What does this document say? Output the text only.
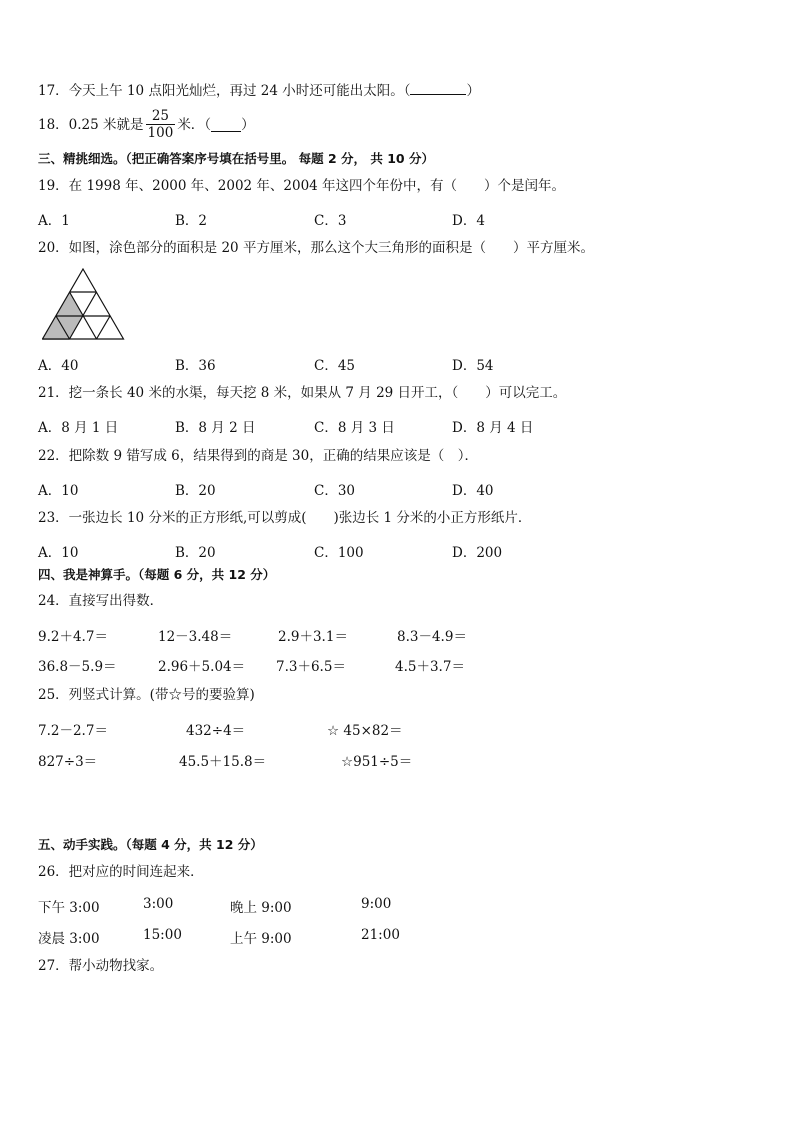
17．今天上午 10 点阳光灿烂，再过 24 小时还可能出太阳。（	）
18．0.25 米就是 $\frac{25}{100}$ 米．（ ）
三、精挑细选。（把正确答案序号填在括号里。 每题 2 分， 共 10 分）
19．在 1998 年、2000 年、2002 年、2004 年这四个年份中，有（　　）个是闰年。
A．1	B．2	C．3	D．4
20．如图，涂色部分的面积是 20 平方厘米，那么这个大三角形的面积是（　　）平方厘米。
A．40	B．36	C．45	D．54
21．挖一条长 40 米的水渠，每天挖 8 米，如果从 7 月 29 日开工，（　　）可以完工。
A．8 月 1 日	B．8 月 2 日	C．8 月 3 日	D．8 月 4 日
22．把除数 9 错写成 6，结果得到的商是 30，正确的结果应该是（　）．
A．10	B．20	C．30	D．40
23．一张边长 10 分米的正方形纸,可以剪成(　　)张边长 1 分米的小正方形纸片．
A．10	B．20	C．100	D．200
四、我是神算手。（每题 6 分，共 12 分）
24．直接写出得数．
9.2＋4.7＝	12－3.48＝	2.9＋3.1＝	8.3－4.9＝
36.8－5.9＝	2.96＋5.04＝ 7.3＋6.5＝	4.5＋3.7＝
25．列竖式计算。(带☆号的要验算)
7.2－2.7＝	432÷4＝	☆ 45×82＝
827÷3＝	45.5＋15.8＝	☆951÷5＝
五、动手实践。（每题 4 分，共 12 分）
26．把对应的时间连起来．
下午 3:00	3:00	晚上 9:00	9:00
凌晨 3:00	15:00	上午 9:00	21:00
27．帮小动物找家。
